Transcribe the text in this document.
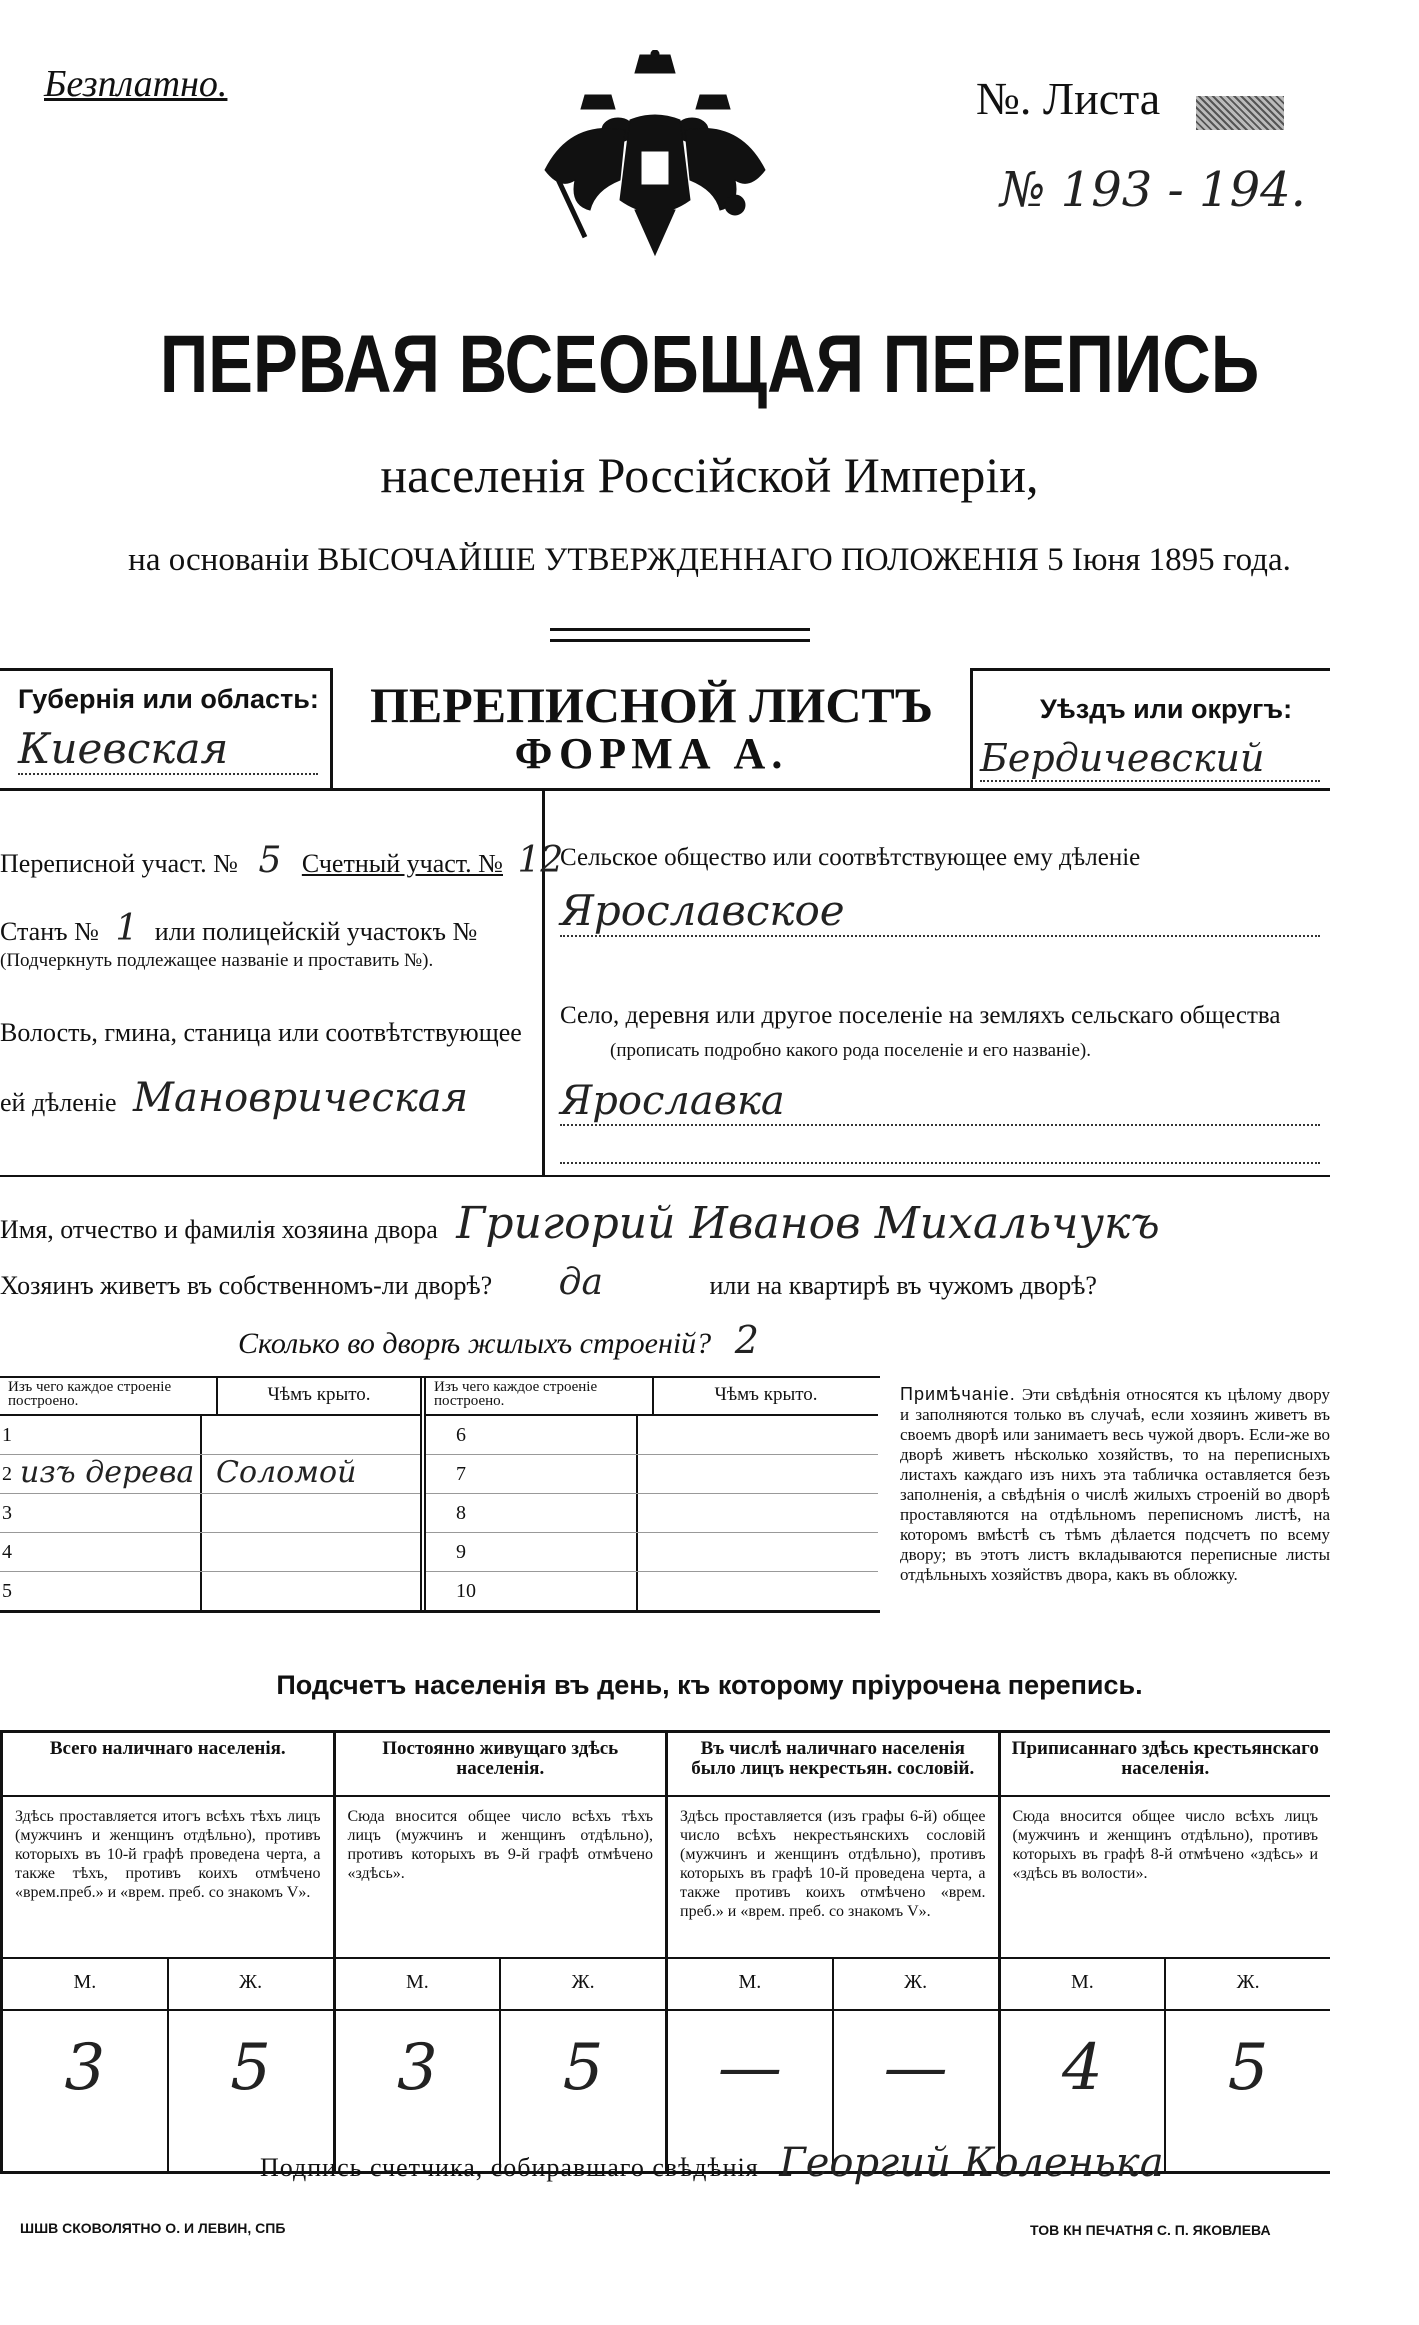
Безплатно.	№. Листа
№ 193 - 194.
ПЕРВАЯ ВСЕОБЩАЯ ПЕРЕПИСЬ
населенія Россійской Имперіи,
на основаніи ВЫСОЧАЙШЕ УТВЕРЖДЕННАГО ПОЛОЖЕНІЯ 5 Іюня 1895 года.
Губернія или область:
Киевская
ПЕРЕПИСНОЙ ЛИСТЪ
ФОРМА А.
Уѣздъ или округъ:
Бердичевский
Переписной участ. № 5 Счетный участ. № 12
Станъ № 1 или полицейскій участокъ №
(Подчеркнуть подлежащее названіе и проставить №).
Волость, гмина, станица или соотвѣтствующее
ей дѣленіе Мановрическая
Сельское общество или соотвѣтствующее ему дѣленіе
Ярославское
Село, деревня или другое поселеніе на земляхъ сельскаго общества
(прописать подробно какого рода поселеніе и его названіе).
Ярославка
Имя, отчество и фамилія хозяина двора Григорий Иванов Михальчукъ
Хозяинъ живетъ въ собственномъ-ли дворѣ? да	или на квартирѣ въ чужомъ дворѣ?
Сколько во дворѣ жилыхъ строеній? 2
Изъ чего каждое строеніе построено.	Чѣмъ крыто.
1
2 изъ дерева Соломой
3
4
5
Изъ чего каждое строеніе построено.	Чѣмъ крыто.
6
7
8
9
10
Примѣчаніе. Эти свѣдѣнія относятся къ цѣлому двору и заполняются только въ случаѣ, если хозяинъ живетъ въ своемъ дворѣ или занимаетъ весь чужой дворъ. Если-же во дворѣ живетъ нѣсколько хозяйствъ, то на переписныхъ листахъ каждаго изъ нихъ эта табличка оставляется безъ заполненія, а свѣдѣнія о числѣ жилыхъ строеній во дворѣ проставляются на отдѣльномъ переписномъ листѣ, на которомъ вмѣстѣ съ тѣмъ дѣлается подсчетъ по всему двору; въ этотъ листъ вкладываются переписные листы отдѣльныхъ хозяйствъ двора, какъ въ обложку.
Подсчетъ населенія въ день, къ которому пріурочена перепись.
Всего наличнаго населенія.
Здѣсь проставляется итогъ всѣхъ тѣхъ лицъ (мужчинъ и женщинъ отдѣльно), противъ которыхъ въ 10-й графѣ проведена черта, а также тѣхъ, противъ коихъ отмѣчено «врем.преб.» и «врем. преб. со знакомъ V».
М.	Ж.
3	5
Постоянно живущаго здѣсь населенія.
Сюда вносится общее число всѣхъ тѣхъ лицъ (мужчинъ и женщинъ отдѣльно), противъ которыхъ въ 9-й графѣ отмѣчено «здѣсь».
М.	Ж.
3	5
Въ числѣ наличнаго населенія было лицъ некрестьян. сословій.
Здѣсь проставляется (изъ графы 6-й) общее число всѣхъ некрестьянскихъ сословій (мужчинъ и женщинъ отдѣльно), противъ которыхъ въ графѣ 10-й проведена черта, а также противъ коихъ отмѣчено «врем. преб.» и «врем. преб. со знакомъ V».
М.	Ж.
—	—
Приписаннаго здѣсь крестьянскаго населенія.
Сюда вносится общее число всѣхъ лицъ (мужчинъ и женщинъ отдѣльно), противъ которыхъ въ графѣ 8-й отмѣчено «здѣсь» и «здѣсь въ волости».
М.	Ж.
4	5
Подпись счетчика, собиравшаго свѣдѣнія Георгий Коленька
ШШВ СКОВОЛЯТНО О. И ЛЕВИН, СПБ	ТОВ КН ПЕЧАТНЯ С. П. ЯКОВЛЕВА
